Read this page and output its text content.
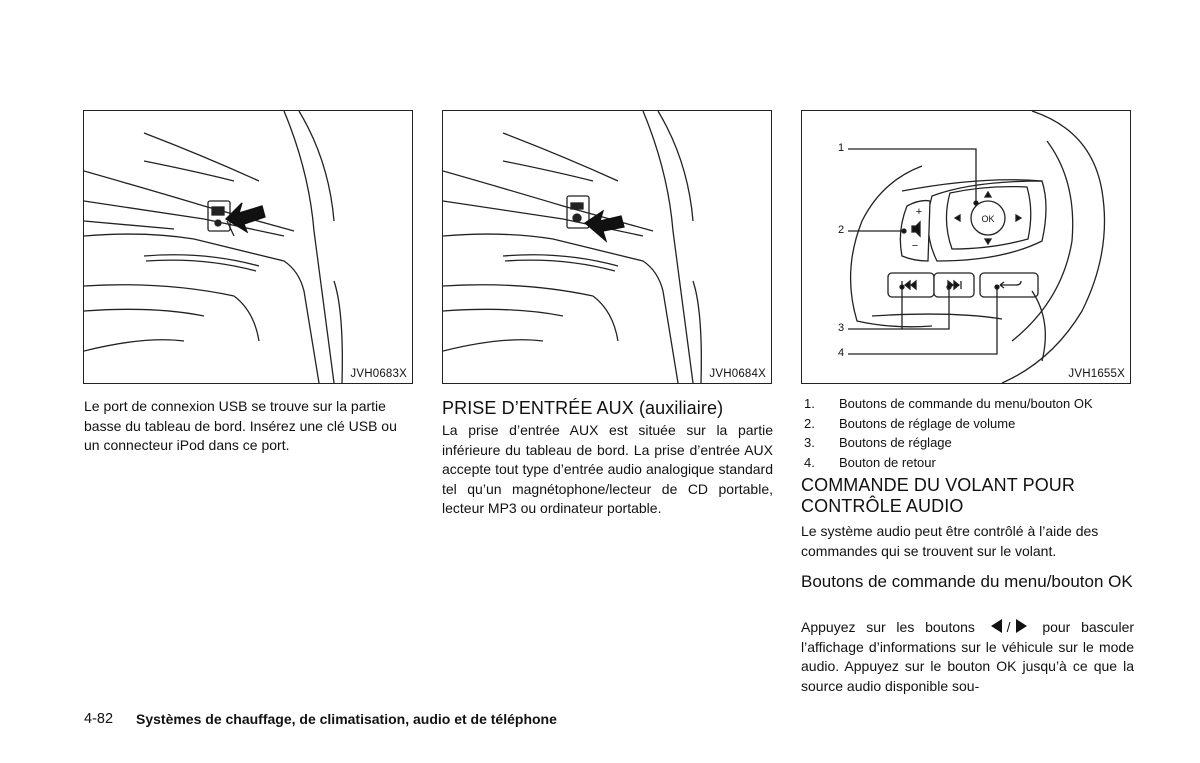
JVH0683X	JVH0684X
OK
+
−
1
2
3
4
JVH1655X
Le port de connexion USB se trouve sur la partie basse du tableau de bord. Insérez une clé USB ou un connecteur iPod dans ce port.
PRISE D’ENTRÉE AUX (auxiliaire)
La prise d’entrée AUX est située sur la partie inférieure du tableau de bord. La prise d’entrée AUX accepte tout type d’entrée audio analogique standard tel qu’un magnétophone/lecteur de CD portable, lecteur MP3 ou ordinateur portable.
1.	Boutons de commande du menu/bouton OK
2.	Boutons de réglage de volume
3.	Boutons de réglage
4.	Bouton de retour
COMMANDE DU VOLANT POUR CONTRÔLE AUDIO
Le système audio peut être contrôlé à l’aide des commandes qui se trouvent sur le volant.
Boutons de commande du menu/bouton OK
Appuyez sur les boutons / pour basculer l’affichage d’informations sur le véhicule sur le mode audio. Appuyez sur le bouton OK jusqu’à ce que la source audio disponible sou-
4-82 Systèmes de chauffage, de climatisation, audio et de téléphone
